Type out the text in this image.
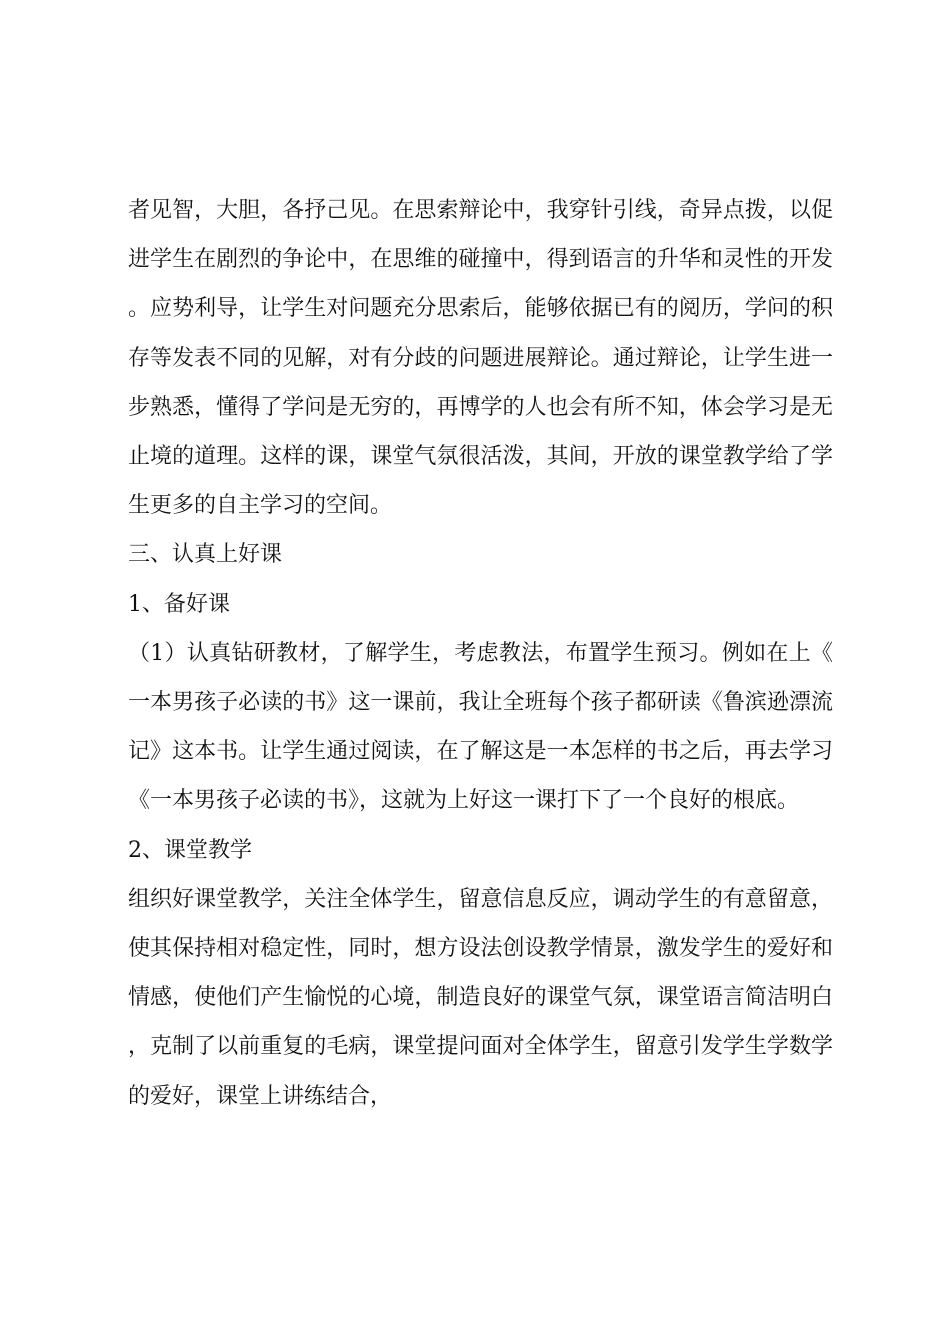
者见智，大胆，各抒己见。在思索辩论中，我穿针引线，奇异点拨，以促进学生在剧烈的争论中，在思维的碰撞中，得到语言的升华和灵性的开发。应势利导，让学生对问题充分思索后，能够依据已有的阅历，学问的积存等发表不同的见解，对有分歧的问题进展辩论。通过辩论，让学生进一步熟悉，懂得了学问是无穷的，再博学的人也会有所不知，体会学习是无止境的道理。这样的课，课堂气氛很活泼，其间，开放的课堂教学给了学生更多的自主学习的空间。

三、认真上好课

1、备好课

（1）认真钻研教材，了解学生，考虑教法，布置学生预习。例如在上《一本男孩子必读的书》这一课前，我让全班每个孩子都研读《鲁滨逊漂流记》这本书。让学生通过阅读，在了解这是一本怎样的书之后，再去学习《一本男孩子必读的书》，这就为上好这一课打下了一个良好的根底。

2、课堂教学

组织好课堂教学，关注全体学生，留意信息反应，调动学生的有意留意，使其保持相对稳定性，同时，想方设法创设教学情景，激发学生的爱好和情感，使他们产生愉悦的心境，制造良好的课堂气氛，课堂语言简洁明白，克制了以前重复的毛病，课堂提问面对全体学生，留意引发学生学数学的爱好，课堂上讲练结合，
